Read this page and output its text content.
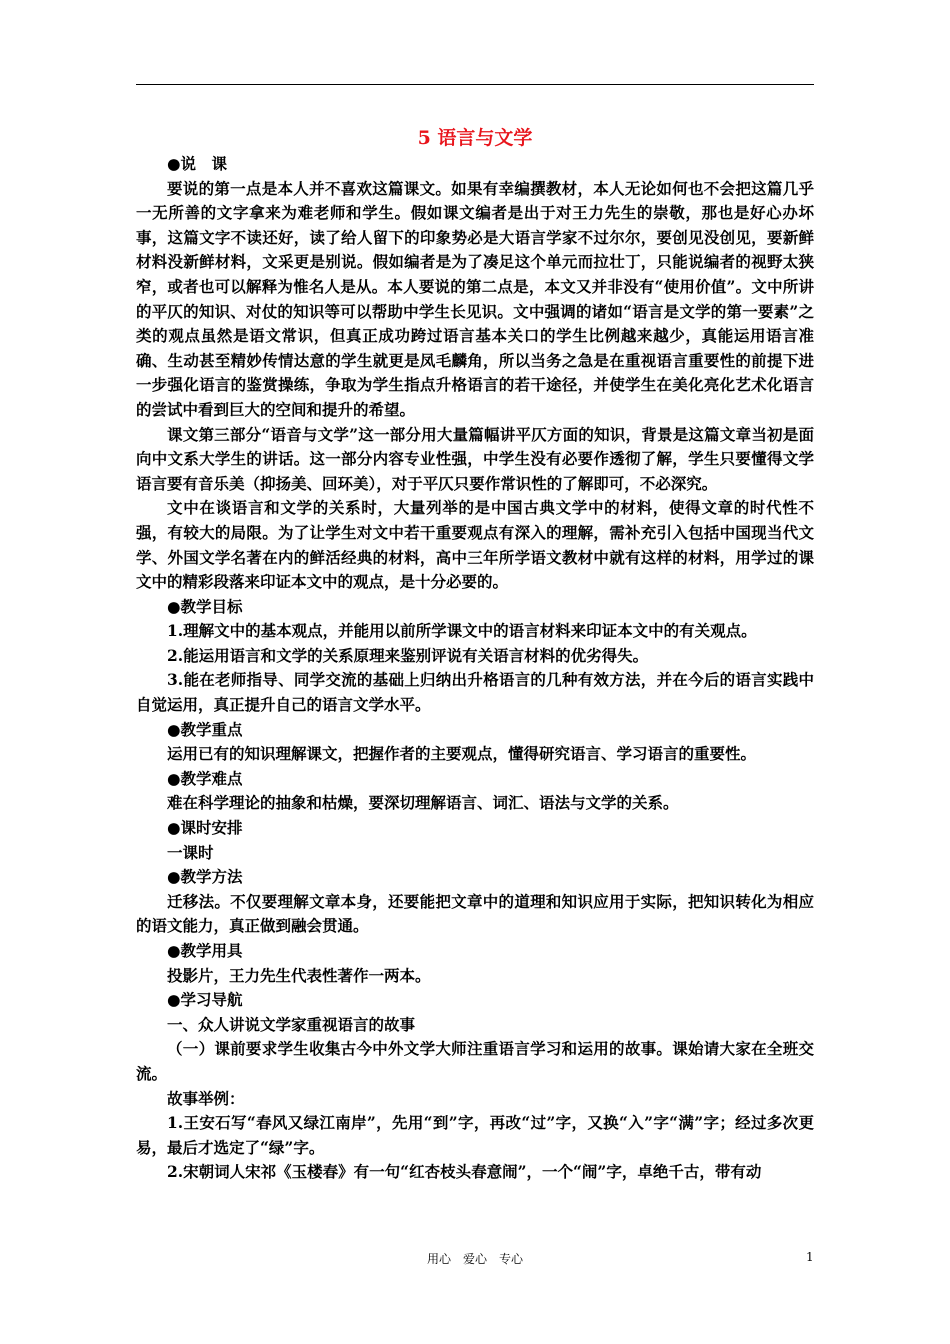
5 语言与文学

●说　课

要说的第一点是本人并不喜欢这篇课文。如果有幸编撰教材，本人无论如何也不会把这篇几乎一无所善的文字拿来为难老师和学生。假如课文编者是出于对王力先生的崇敬，那也是好心办坏事，这篇文字不读还好，读了给人留下的印象势必是大语言学家不过尔尔，要创见没创见，要新鲜材料没新鲜材料，文采更是别说。假如编者是为了凑足这个单元而拉壮丁，只能说编者的视野太狭窄，或者也可以解释为惟名人是从。本人要说的第二点是，本文又并非没有“使用价值”。文中所讲的平仄的知识、对仗的知识等可以帮助中学生长见识。文中强调的诸如“语言是文学的第一要素”之类的观点虽然是语文常识，但真正成功跨过语言基本关口的学生比例越来越少，真能运用语言准确、生动甚至精妙传情达意的学生就更是凤毛麟角，所以当务之急是在重视语言重要性的前提下进一步强化语言的鉴赏操练，争取为学生指点升格语言的若干途径，并使学生在美化亮化艺术化语言的尝试中看到巨大的空间和提升的希望。

课文第三部分“语音与文学”这一部分用大量篇幅讲平仄方面的知识，背景是这篇文章当初是面向中文系大学生的讲话。这一部分内容专业性强，中学生没有必要作透彻了解，学生只要懂得文学语言要有音乐美（抑扬美、回环美），对于平仄只要作常识性的了解即可，不必深究。

文中在谈语言和文学的关系时，大量列举的是中国古典文学中的材料，使得文章的时代性不强，有较大的局限。为了让学生对文中若干重要观点有深入的理解，需补充引入包括中国现当代文学、外国文学名著在内的鲜活经典的材料，高中三年所学语文教材中就有这样的材料，用学过的课文中的精彩段落来印证本文中的观点，是十分必要的。

●教学目标

1.理解文中的基本观点，并能用以前所学课文中的语言材料来印证本文中的有关观点。

2.能运用语言和文学的关系原理来鉴别评说有关语言材料的优劣得失。

3.能在老师指导、同学交流的基础上归纳出升格语言的几种有效方法，并在今后的语言实践中自觉运用，真正提升自己的语言文学水平。

●教学重点

运用已有的知识理解课文，把握作者的主要观点，懂得研究语言、学习语言的重要性。

●教学难点

难在科学理论的抽象和枯燥，要深切理解语言、词汇、语法与文学的关系。

●课时安排

一课时

●教学方法

迁移法。不仅要理解文章本身，还要能把文章中的道理和知识应用于实际，把知识转化为相应的语文能力，真正做到融会贯通。

●教学用具

投影片，王力先生代表性著作一两本。

●学习导航

一、众人讲说文学家重视语言的故事

（一）课前要求学生收集古今中外文学大师注重语言学习和运用的故事。课始请大家在全班交流。

故事举例：

1.王安石写“春风又绿江南岸”，先用“到”字，再改“过”字，又换“入”字“满”字；经过多次更易，最后才选定了“绿”字。

2.宋朝词人宋祁《玉楼春》有一句“红杏枝头春意闹”，一个“闹”字，卓绝千古，带有动

用心　爱心　专心	1
